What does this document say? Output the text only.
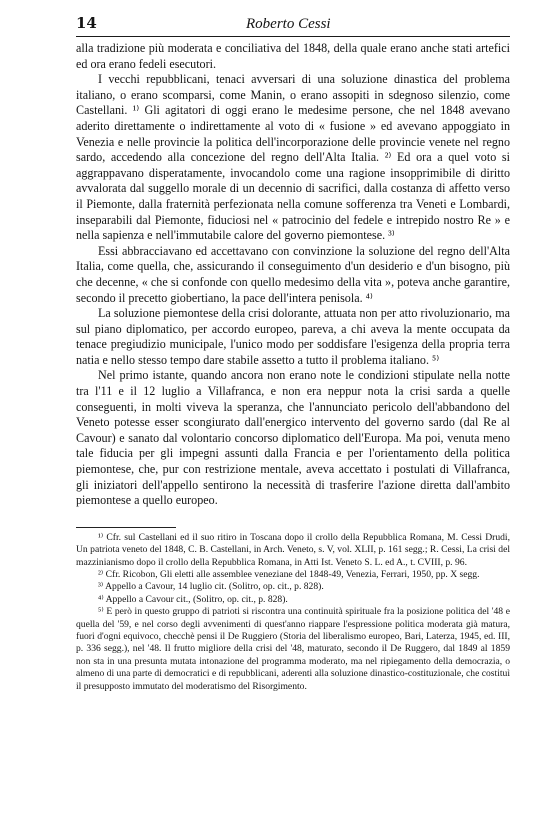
14	Roberto Cessi

alla tradizione più moderata e conciliativa del 1848, della quale erano anche stati artefici ed ora erano fedeli esecutori.

I vecchi repubblicani, tenaci avversari di una soluzione dinastica del problema italiano, o erano scomparsi, come Manin, o erano assopiti in sdegnoso silenzio, come Castellani. ¹⁾ Gli agitatori di oggi erano le medesime persone, che nel 1848 avevano aderito direttamente o indirettamente al voto di « fusione » ed avevano appoggiato in Venezia e nelle provincie la politica dell'incorporazione delle provincie venete nel regno sardo, accedendo alla concezione del regno dell'Alta Italia. ²⁾ Ed ora a quel voto si aggrappavano disperatamente, invocandolo come una ragione insopprimibile di diritto avvalorata dal suggello morale di un decennio di sacrifici, dalla costanza di affetto verso il Piemonte, dalla fraternità perfezionata nella comune sofferenza tra Veneti e Lombardi, inseparabili dal Piemonte, fiduciosi nel « patrocinio del fedele e intrepido nostro Re » e nella sapienza e nell'immutabile calore del governo piemontese. ³⁾

Essi abbracciavano ed accettavano con convinzione la soluzione del regno dell'Alta Italia, come quella, che, assicurando il conseguimento d'un desiderio e d'un bisogno, più che decenne, « che si confonde con quello medesimo della vita », poteva anche garantire, secondo il precetto giobertiano, la pace dell'intera penisola. ⁴⁾

La soluzione piemontese della crisi dolorante, attuata non per atto rivoluzionario, ma sul piano diplomatico, per accordo europeo, pareva, a chi aveva la mente occupata da tenace pregiudizio municipale, l'unico modo per soddisfare l'esigenza della propria terra natia e nello stesso tempo dare stabile assetto a tutto il problema italiano. ⁵⁾

Nel primo istante, quando ancora non erano note le condizioni stipulate nella notte tra l'11 e il 12 luglio a Villafranca, e non era neppur nota la crisi sarda a quelle conseguenti, in molti viveva la speranza, che l'annunciato pericolo dell'abbandono del Veneto potesse esser scongiurato dall'energico intervento del governo sardo (dal Re al Cavour) e sanato dal volontario concorso diplomatico dell'Europa. Ma poi, venuta meno tale fiducia per gli impegni assunti dalla Francia e per l'orientamento della politica piemontese, che, pur con restrizione mentale, aveva accettato i postulati di Villafranca, gli iniziatori dell'appello sentirono la necessità di trasferire l'azione diretta dall'ambito piemontese a quello europeo.

¹⁾ Cfr. sul Castellani ed il suo ritiro in Toscana dopo il crollo della Repubblica Romana, M. Cessi Drudi, Un patriota veneto del 1848, C. B. Castellani, in Arch. Veneto, s. V, vol. XLII, p. 161 segg.; R. Cessi, La crisi del mazzinianismo dopo il crollo della Repubblica Romana, in Atti Ist. Veneto S. L. ed A., t. CVIII, p. 96.
²⁾ Cfr. Ricobon, Gli eletti alle assemblee veneziane del 1848-49, Venezia, Ferrari, 1950, pp. X segg.
³⁾ Appello a Cavour, 14 luglio cit. (Solitro, op. cit., p. 828).
⁴⁾ Appello a Cavour cit., (Solitro, op. cit., p. 828).
⁵⁾ E però in questo gruppo di patrioti si riscontra una continuità spirituale fra la posizione politica del '48 e quella del '59, e nel corso degli avvenimenti di quest'anno riappare l'espressione politica moderata già matura, fuori d'ogni equivoco, checchè pensi il De Ruggiero (Storia del liberalismo europeo, Bari, Laterza, 1945, ed. III, p. 336 segg.), nel '48. Il frutto migliore della crisi del '48, maturato, secondo il De Ruggero, dal 1849 al 1859 non sta in una presunta mutata intonazione del programma moderato, ma nel ripiegamento della democrazia, o almeno di una parte di democratici e di repubblicani, aderenti alla soluzione dinastico-costituzionale, che costituì il presupposto immutato del moderatismo del Risorgimento.
